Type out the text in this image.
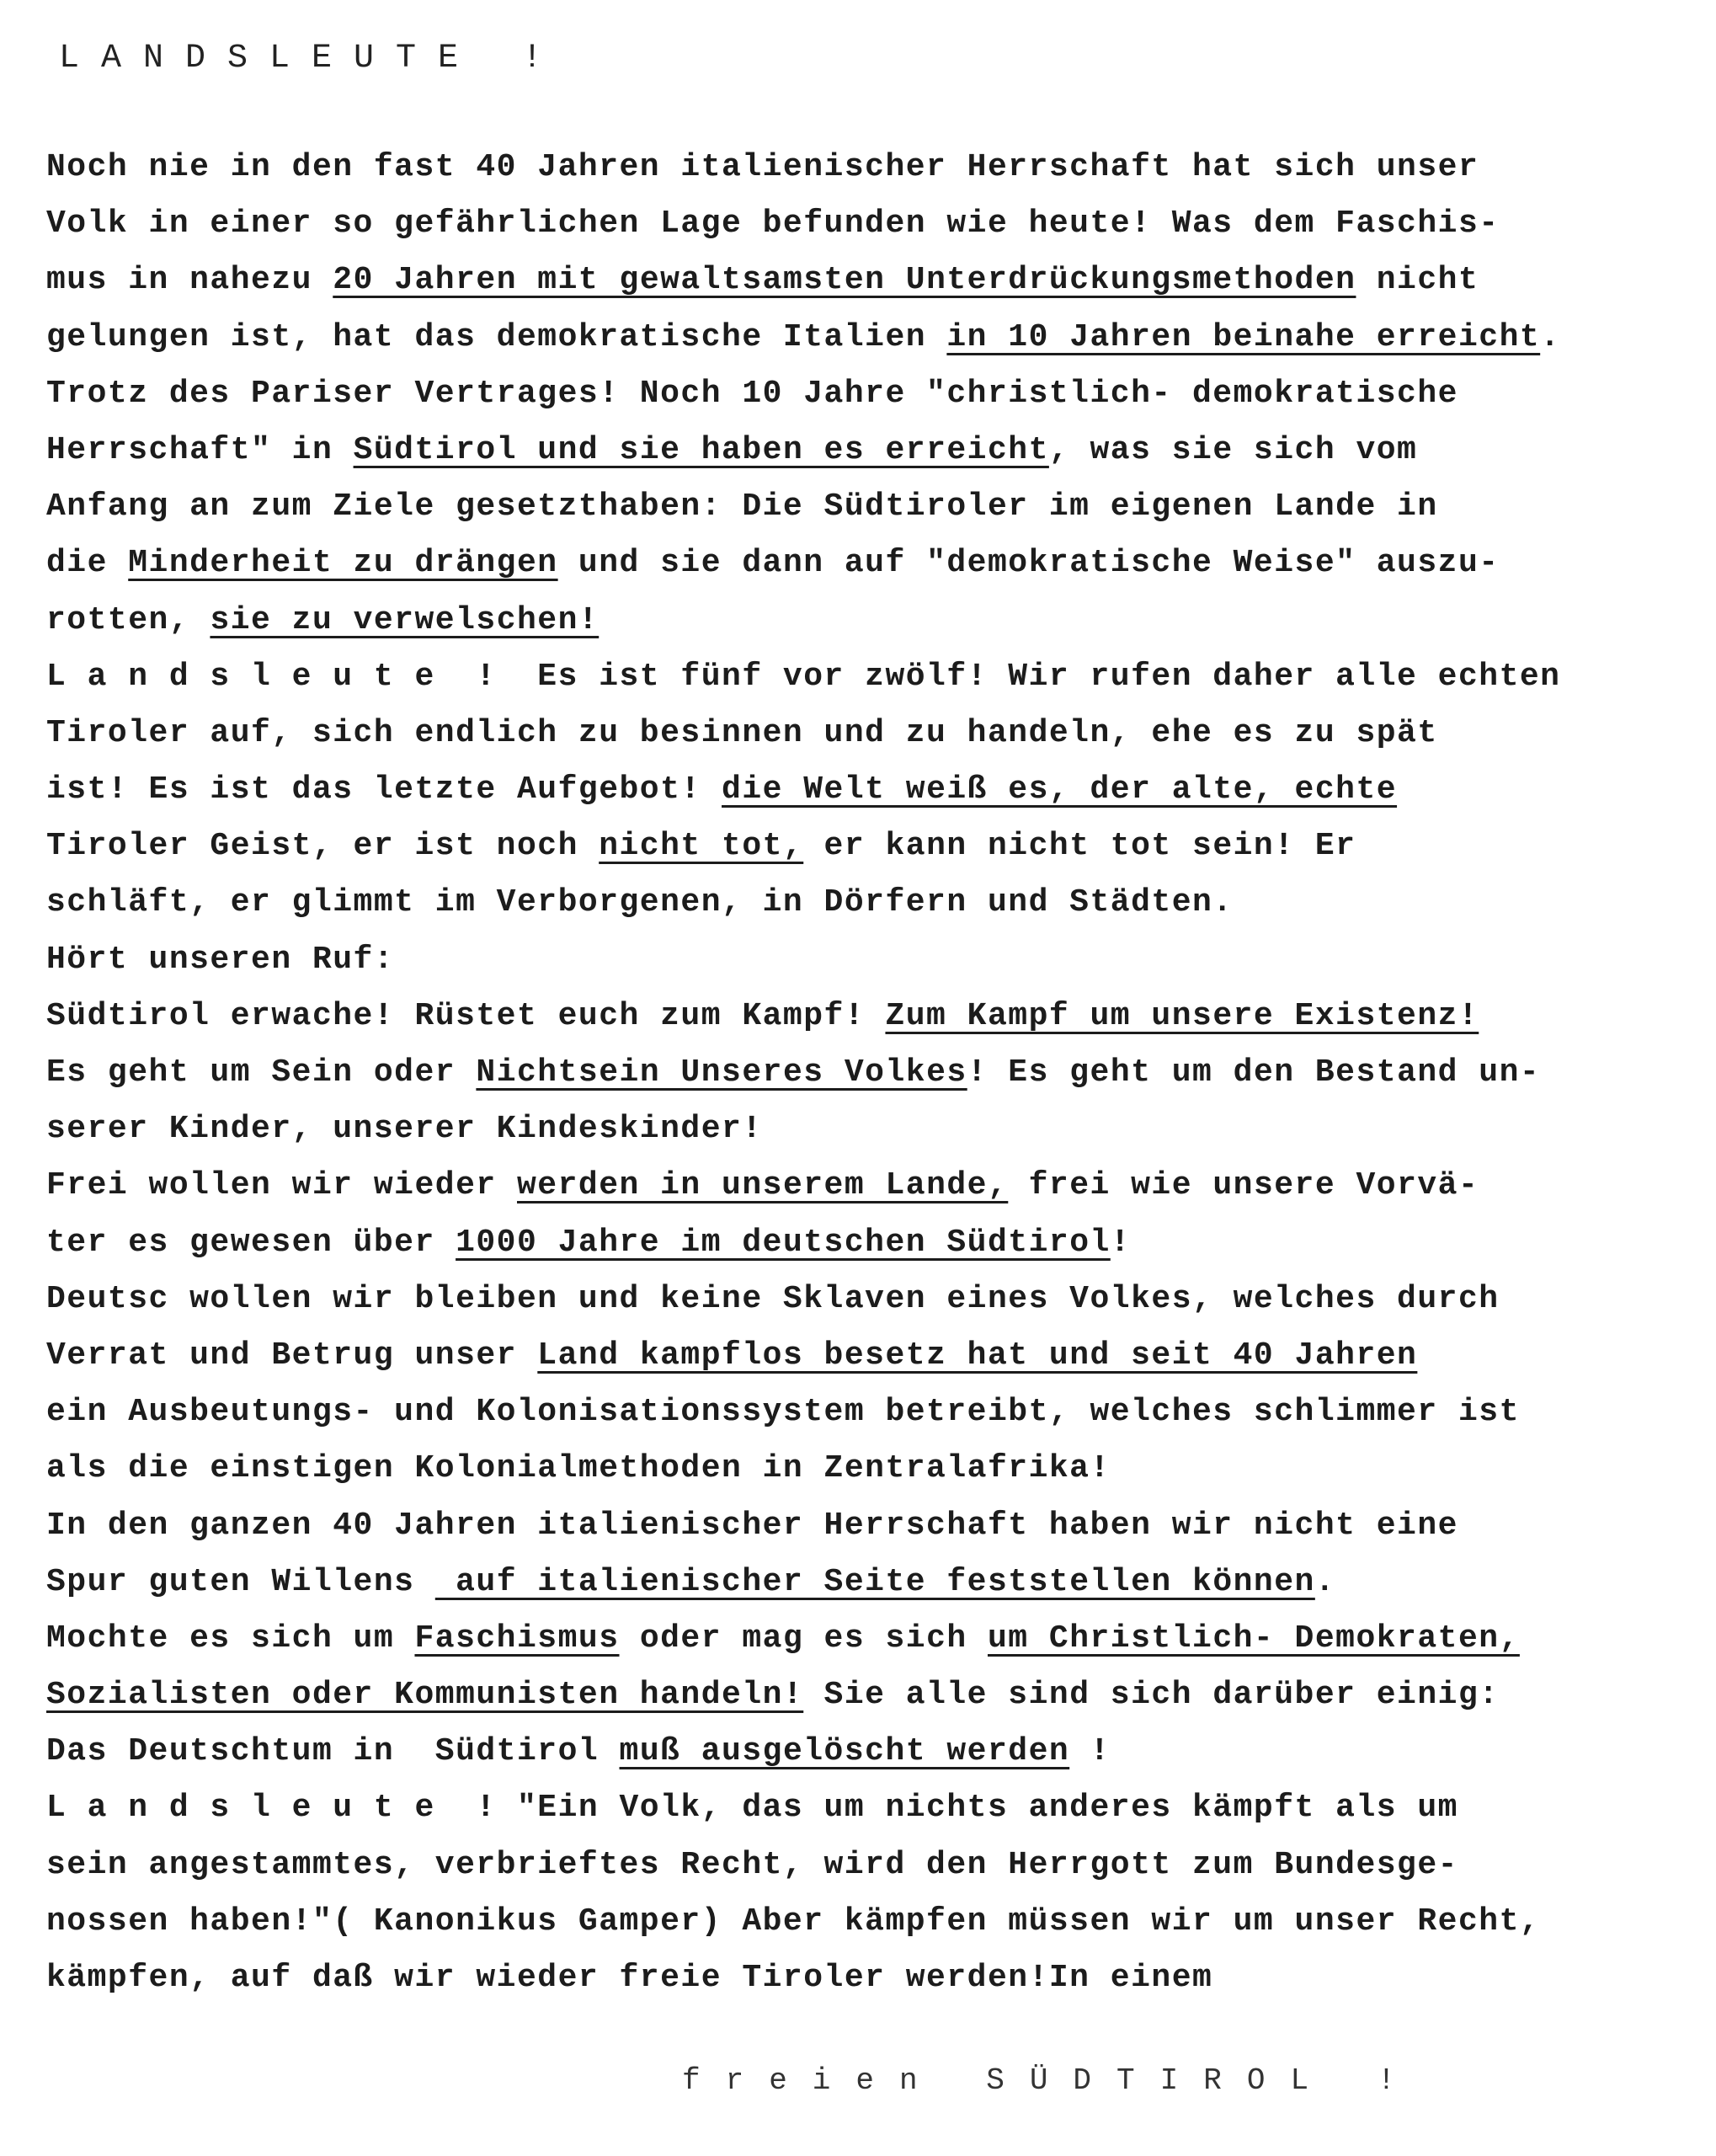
LANDSLEUTE !
Noch nie in den fast 40 Jahren italienischer Herrschaft hat sich unser
Volk in einer so gefährlichen Lage befunden wie heute! Was dem Faschis-
mus in nahezu 20 Jahren mit gewaltsamsten Unterdrückungsmethoden nicht
gelungen ist, hat das demokratische Italien in 10 Jahren beinahe erreicht.
Trotz des Pariser Vertrages! Noch 10 Jahre "christlich- demokratische
Herrschaft" in Südtirol und sie haben es erreicht, was sie sich vom
Anfang an zum Ziele gesetzthaben: Die Südtiroler im eigenen Lande in
die Minderheit zu drängen und sie dann auf "demokratische Weise" auszu-
rotten, sie zu verwelschen!
L a n d s l e u t e  !  Es ist fünf vor zwölf! Wir rufen daher alle echten
Tiroler auf, sich endlich zu besinnen und zu handeln, ehe es zu spät
ist! Es ist das letzte Aufgebot! die Welt weiß es, der alte, echte
Tiroler Geist, er ist noch nicht tot, er kann nicht tot sein! Er
schläft, er glimmt im Verborgenen, in Dörfern und Städten.
Hört unseren Ruf:
Südtirol erwache! Rüstet euch zum Kampf! Zum Kampf um unsere Existenz!
Es geht um Sein oder Nichtsein Unseres Volkes! Es geht um den Bestand un-
serer Kinder, unserer Kindeskinder!
Frei wollen wir wieder werden in unserem Lande, frei wie unsere Vorvä-
ter es gewesen über 1000 Jahre im deutschen Südtirol!
Deutsc wollen wir bleiben und keine Sklaven eines Volkes, welches durch
Verrat und Betrug unser Land kampflos besetz hat und seit 40 Jahren
ein Ausbeutungs- und Kolonisationssystem betreibt, welches schlimmer ist
als die einstigen Kolonialmethoden in Zentralafrika!
In den ganzen 40 Jahren italienischer Herrschaft haben wir nicht eine
Spur guten Willens  auf italienischer Seite feststellen können.
Mochte es sich um Faschismus oder mag es sich um Christlich- Demokraten,
Sozialisten oder Kommunisten handeln! Sie alle sind sich darüber einig:
Das Deutschtum in  Südtirol muß ausgelöscht werden !
L a n d s l e u t e  ! "Ein Volk, das um nichts anderes kämpft als um
sein angestammtes, verbrieftes Recht, wird den Herrgott zum Bundesge-
nossen haben!"( Kanonikus Gamper) Aber kämpfen müssen wir um unser Recht,
kämpfen, auf daß wir wieder freie Tiroler werden!In einem
freien SÜDTIROL !
